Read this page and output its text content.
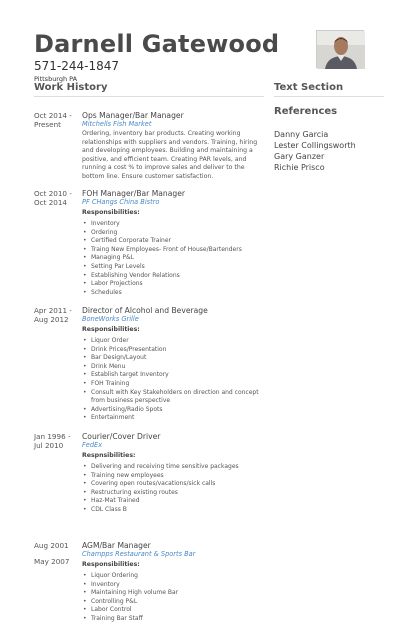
Darnell Gatewood
571-244-1847
Pittsburgh PA
Work History
Oct 2014 -
Present
Ops Manager/Bar Manager
Mitchells Fish Market
Ordering, inventory bar products. Creating working relationships with suppliers and vendors. Training, hiring and developing employees. Building and maintaining a positive, and efficient team. Creating PAR levels, and running a cost % to improve sales and deliver to the bottom line. Ensure customer satisfaction.
Oct 2010 -
Oct 2014
FOH Manager/Bar Manager
PF CHangs China Bistro
Responsibilities:
• Inventory
• Ordering
• Certified Corporate Trainer
• Traing New Employees- Front of House/Bartenders
• Managing P&L
• Setting Par Levels
• Establishing Vendor Relations
• Labor Projections
• Schedules
Apr 2011 -
Aug 2012
Director of Alcohol and Beverage
BoneWorks Grille
Responsibilities:
• Liquor Order
• Drink Prices/Presentation
• Bar Design/Layout
• Drink Menu
• Establish target Inventory
• FOH Training
• Consult with Key Stakeholders on direction and concept from business perspective
• Advertising/Radio Spots
• Entertainment
Jan 1996 -
Jul 2010
Courier/Cover Driver
FedEx
Respnsibilities:
• Delivering and receiving time sensitive packages
• Training new employees
• Covering open routes/vacations/sick calls
• Restructuring existing routes
• Haz-Mat Trained
• CDL Class B
Aug 2001
May 2007
AGM/Bar Manager
Champps Restaurant & Sports Bar
Responsibilities:
• Liquor Ordering
• Inventory
• Maintaining High volume Bar
• Controlling P&L
• Labor Control
• Training Bar Staff
Text Section
References
Danny Garcia
Lester Collingsworth
Gary Ganzer
Richie Prisco
